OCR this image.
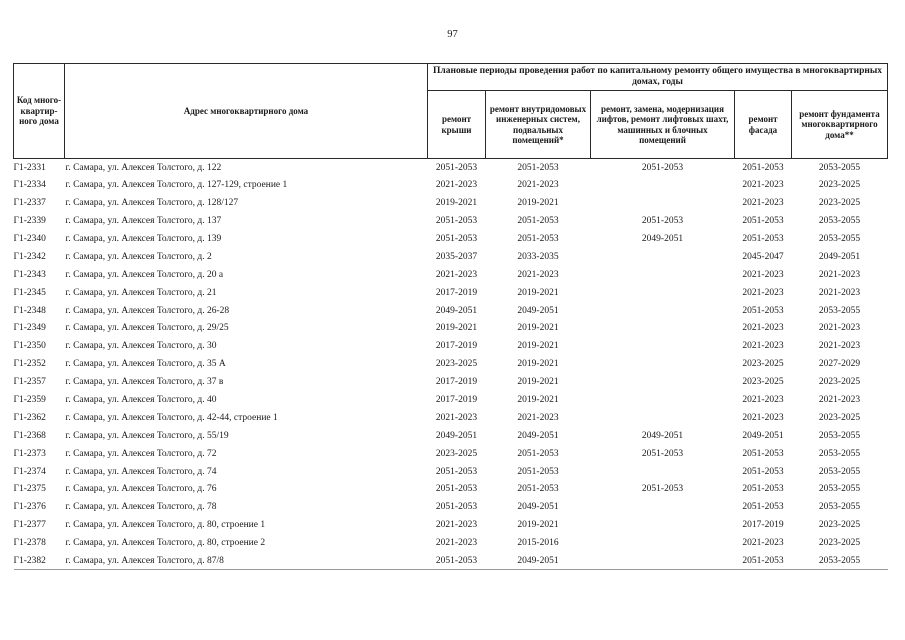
97
Код много-квартир-ного дома	Адрес многоквартирного дома	Плановые периоды проведения работ по капитальному ремонту общего имущества в многоквартирных домах, годы				
		ремонт крыши	ремонт внутридомовых инженерных систем, подвальных помещений*	ремонт, замена, модернизация лифтов, ремонт лифтовых шахт, машинных и блочных помещений	ремонт фасада	ремонт фундамента многоквартирного дома**
Г1-2331	г. Самара, ул. Алексея Толстого, д. 122	2051-2053	2051-2053	2051-2053	2051-2053	2053-2055
Г1-2334	г. Самара, ул. Алексея Толстого, д. 127-129, строение 1	2021-2023	2021-2023		2021-2023	2023-2025
Г1-2337	г. Самара, ул. Алексея Толстого, д. 128/127	2019-2021	2019-2021		2021-2023	2023-2025
Г1-2339	г. Самара, ул. Алексея Толстого, д. 137	2051-2053	2051-2053	2051-2053	2051-2053	2053-2055
Г1-2340	г. Самара, ул. Алексея Толстого, д. 139	2051-2053	2051-2053	2049-2051	2051-2053	2053-2055
Г1-2342	г. Самара, ул. Алексея Толстого, д. 2	2035-2037	2033-2035		2045-2047	2049-2051
Г1-2343	г. Самара, ул. Алексея Толстого, д. 20 а	2021-2023	2021-2023		2021-2023	2021-2023
Г1-2345	г. Самара, ул. Алексея Толстого, д. 21	2017-2019	2019-2021		2021-2023	2021-2023
Г1-2348	г. Самара, ул. Алексея Толстого, д. 26-28	2049-2051	2049-2051		2051-2053	2053-2055
Г1-2349	г. Самара, ул. Алексея Толстого, д. 29/25	2019-2021	2019-2021		2021-2023	2021-2023
Г1-2350	г. Самара, ул. Алексея Толстого, д. 30	2017-2019	2019-2021		2021-2023	2021-2023
Г1-2352	г. Самара, ул. Алексея Толстого, д. 35 А	2023-2025	2019-2021		2023-2025	2027-2029
Г1-2357	г. Самара, ул. Алексея Толстого, д. 37 в	2017-2019	2019-2021		2023-2025	2023-2025
Г1-2359	г. Самара, ул. Алексея Толстого, д. 40	2017-2019	2019-2021		2021-2023	2021-2023
Г1-2362	г. Самара, ул. Алексея Толстого, д. 42-44, строение 1	2021-2023	2021-2023		2021-2023	2023-2025
Г1-2368	г. Самара, ул. Алексея Толстого, д. 55/19	2049-2051	2049-2051	2049-2051	2049-2051	2053-2055
Г1-2373	г. Самара, ул. Алексея Толстого, д. 72	2023-2025	2051-2053	2051-2053	2051-2053	2053-2055
Г1-2374	г. Самара, ул. Алексея Толстого, д. 74	2051-2053	2051-2053		2051-2053	2053-2055
Г1-2375	г. Самара, ул. Алексея Толстого, д. 76	2051-2053	2051-2053	2051-2053	2051-2053	2053-2055
Г1-2376	г. Самара, ул. Алексея Толстого, д. 78	2051-2053	2049-2051		2051-2053	2053-2055
Г1-2377	г. Самара, ул. Алексея Толстого, д. 80, строение 1	2021-2023	2019-2021		2017-2019	2023-2025
Г1-2378	г. Самара, ул. Алексея Толстого, д. 80, строение 2	2021-2023	2015-2016		2021-2023	2023-2025
Г1-2382	г. Самара, ул. Алексея Толстого, д. 87/8	2051-2053	2049-2051		2051-2053	2053-2055
